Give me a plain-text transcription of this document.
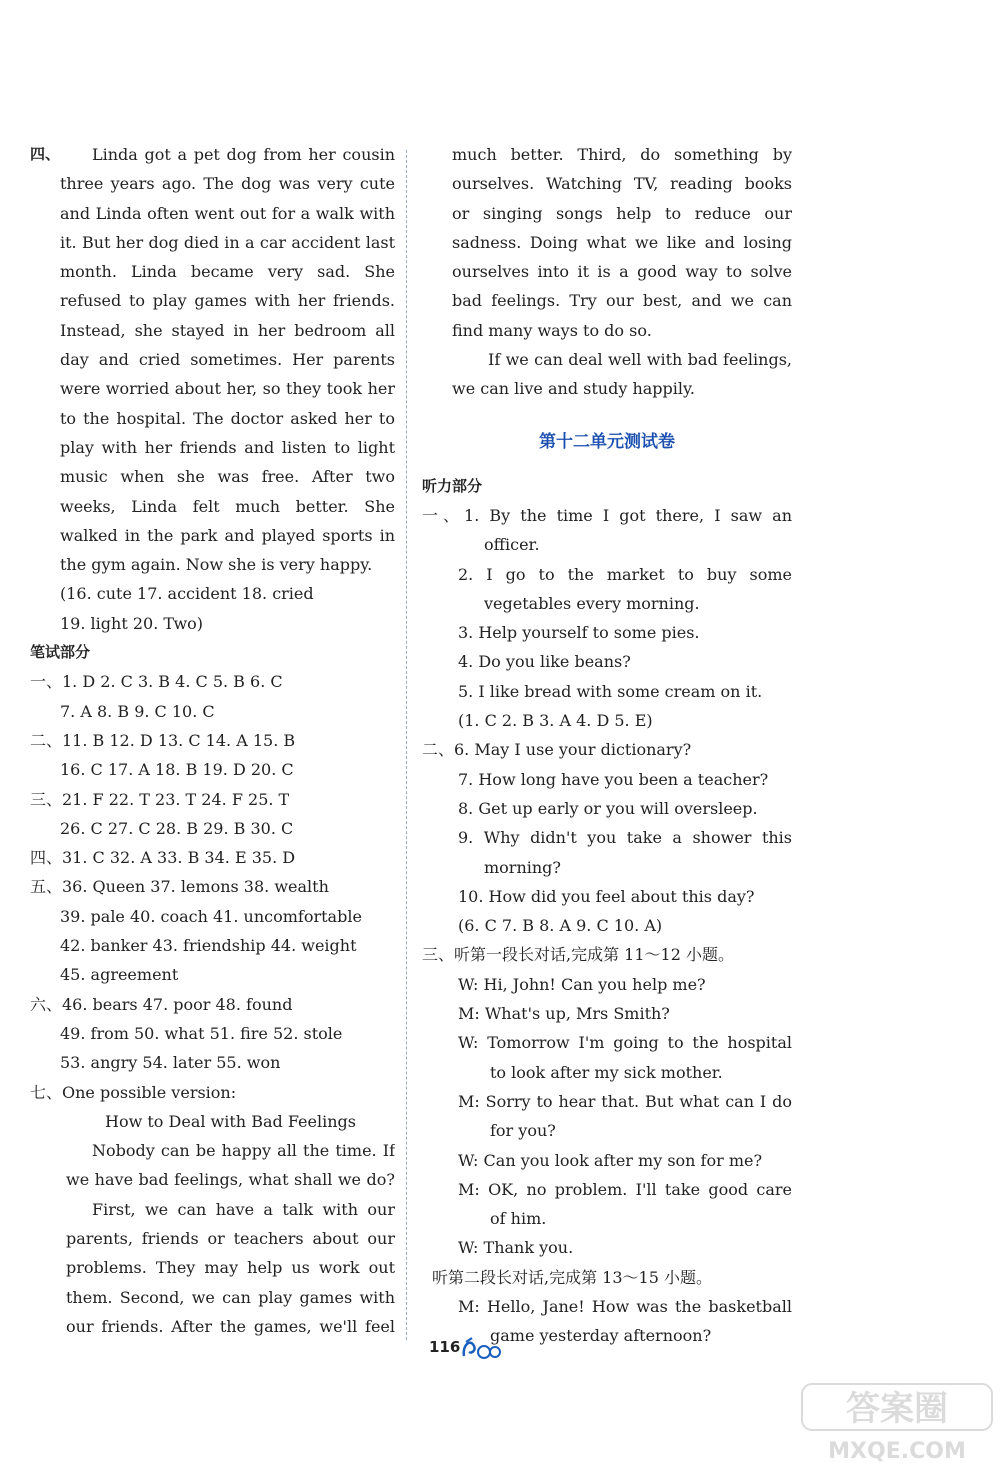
四、	Linda got a pet dog from her cousin
three years ago. The dog was very cute
and Linda often went out for a walk with
it. But her dog died in a car accident last
month. Linda became very sad. She
refused to play games with her friends.
Instead, she stayed in her bedroom all
day and cried sometimes. Her parents
were worried about her, so they took her
to the hospital. The doctor asked her to
play with her friends and listen to light
music when she was free. After two
weeks, Linda felt much better. She
walked in the park and played sports in
the gym again. Now she is very happy.
(16. cute 17. accident 18. cried
19. light 20. Two)
笔试部分
一、1. D 2. C 3. B 4. C 5. B 6. C
7. A 8. B 9. C 10. C
二、11. B 12. D 13. C 14. A 15. B
16. C 17. A 18. B 19. D 20. C
三、21. F 22. T 23. T 24. F 25. T
26. C 27. C 28. B 29. B 30. C
四、31. C 32. A 33. B 34. E 35. D
五、36. Queen 37. lemons 38. wealth
39. pale 40. coach 41. uncomfortable
42. banker 43. friendship 44. weight
45. agreement
六、46. bears 47. poor 48. found
49. from 50. what 51. fire 52. stole
53. angry 54. later 55. won
七、One possible version:
How to Deal with Bad Feelings
Nobody can be happy all the time. If
we have bad feelings, what shall we do?
First, we can have a talk with our
parents, friends or teachers about our
problems. They may help us work out
them. Second, we can play games with
our friends. After the games, we'll feel
much better. Third, do something by
ourselves. Watching TV, reading books
or singing songs help to reduce our
sadness. Doing what we like and losing
ourselves into it is a good way to solve
bad feelings. Try our best, and we can
find many ways to do so.
If we can deal well with bad feelings,
we can live and study happily.
第十二单元测试卷
听力部分
一、1. By the time I got there, I saw an
officer.
2. I go to the market to buy some
vegetables every morning.
3. Help yourself to some pies.
4. Do you like beans?
5. I like bread with some cream on it.
(1. C 2. B 3. A 4. D 5. E)
二、6. May I use your dictionary?
7. How long have you been a teacher?
8. Get up early or you will oversleep.
9. Why didn't you take a shower this
morning?
10. How did you feel about this day?
(6. C 7. B 8. A 9. C 10. A)
三、听第一段长对话,完成第 11～12 小题。
W: Hi, John! Can you help me?
M: What's up, Mrs Smith?
W: Tomorrow I'm going to the hospital
to look after my sick mother.
M: Sorry to hear that. But what can I do
for you?
W: Can you look after my son for me?
M: OK, no problem. I'll take good care
of him.
W: Thank you.
听第二段长对话,完成第 13～15 小题。
M: Hello, Jane! How was the basketball
game yesterday afternoon?
116
答案圈
MXQE.COM
